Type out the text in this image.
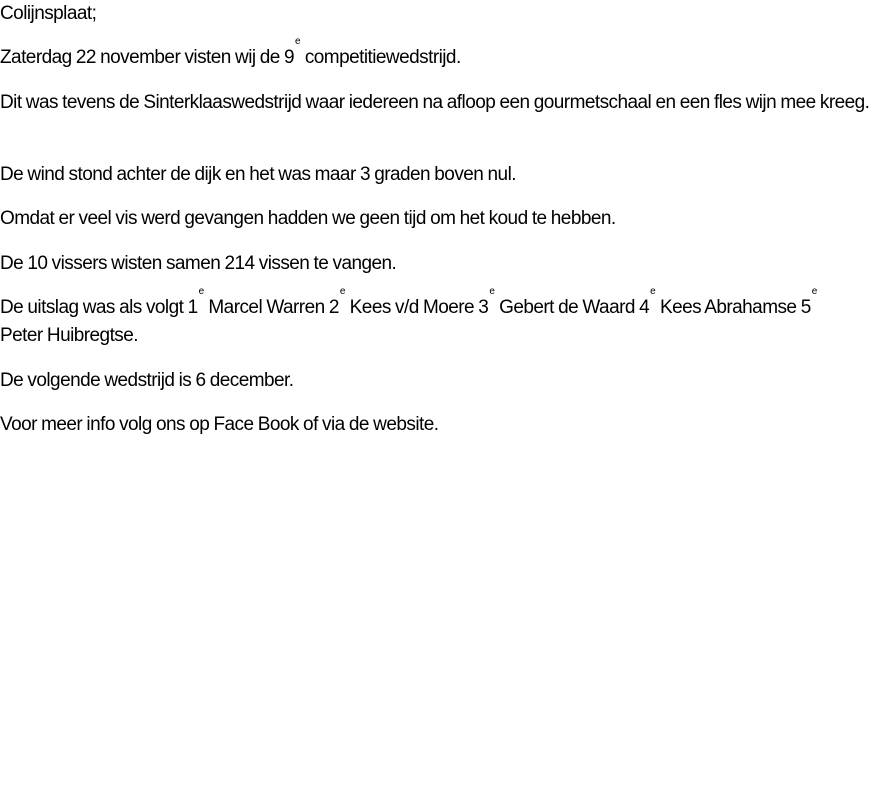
Colijnsplaat;

Zaterdag 22 november visten wij de 9e competitiewedstrijd.

Dit was tevens de Sinterklaaswedstrijd waar iedereen na afloop een gourmetschaal en een fles wijn mee kreeg.

De wind stond achter de dijk en het was maar 3 graden boven nul.

Omdat er veel vis werd gevangen hadden we geen tijd om het koud te hebben.

De 10 vissers wisten samen 214 vissen te vangen.

De uitslag was als volgt 1e Marcel Warren 2e Kees v/d Moere 3e Gebert de Waard 4e Kees Abrahamse 5e Peter Huibregtse.

De volgende wedstrijd is 6 december.

Voor meer info volg ons op Face Book of via de website.
